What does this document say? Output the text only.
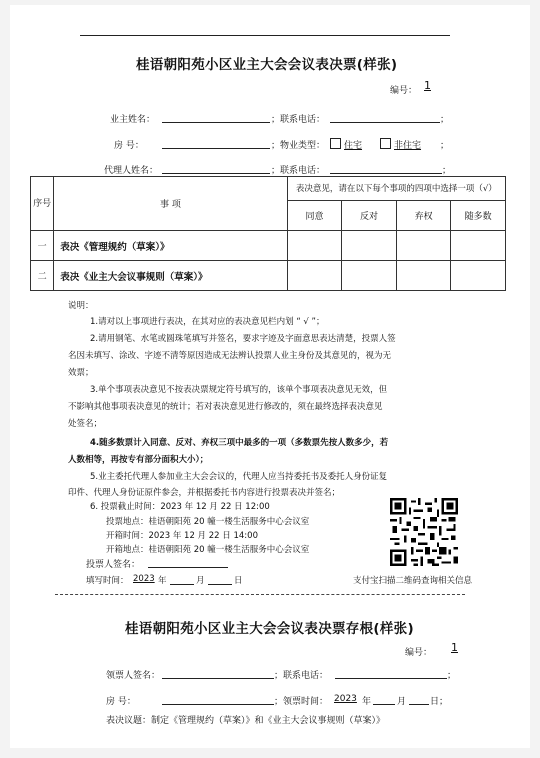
桂语朝阳苑小区业主大会会议表决票(样张)
编号： 1
业主姓名：	；联系电话：	；
房 号：	；物业类型：	住宅	非住宅 ；
代理人姓名：	；联系电话：	；
序号	事 项	表决意见，请在以下每个事项的四项中选择一项（√）			
		同意	反对	弃权	随多数
一	表决《管理规约（草案）》				
二	表决《业主大会议事规则（草案）》				
说明：
1.请对以上事项进行表决，在其对应的表决意见栏内划 “ √ ”；
2.请用钢笔、水笔或圆珠笔填写并签名，要求字迹及字面意思表达清楚，投票人签
名因未填写、涂改、字迹不清等原因造成无法辨认投票人业主身份及其意见的，视为无
效票；
3.单个事项表决意见不按表决票规定符号填写的，该单个事项表决意见无效，但
不影响其他事项表决意见的统计；若对表决意见进行修改的，须在最终选择表决意见
处签名；
4.随多数票计入同意、反对、弃权三项中最多的一项（多数票先按人数多少，若
人数相等，再按专有部分面积大小）；
5.业主委托代理人参加业主大会会议的，代理人应当持委托书及委托人身份证复
印件、代理人身份证原件参会，并根据委托书内容进行投票表决并签名；
6. 投票截止时间：2023 年 12 月 22 日 12:00
投票地点：桂语朝阳苑 20 幢一楼生活服务中心会议室
开箱时间：2023 年 12 月 22 日 14:00
开箱地点：桂语朝阳苑 20 幢一楼生活服务中心会议室
投票人签名：
填写时间： 2023 年	月	日	支付宝扫描二维码查询相关信息
桂语朝阳苑小区业主大会会议表决票存根(样张)
编号： 1
领票人签名：	；联系电话：	；
房 号：	；领票时间： 2023 年	月	日；
表决议题：制定《管理规约（草案）》和《业主大会议事规则（草案）》
